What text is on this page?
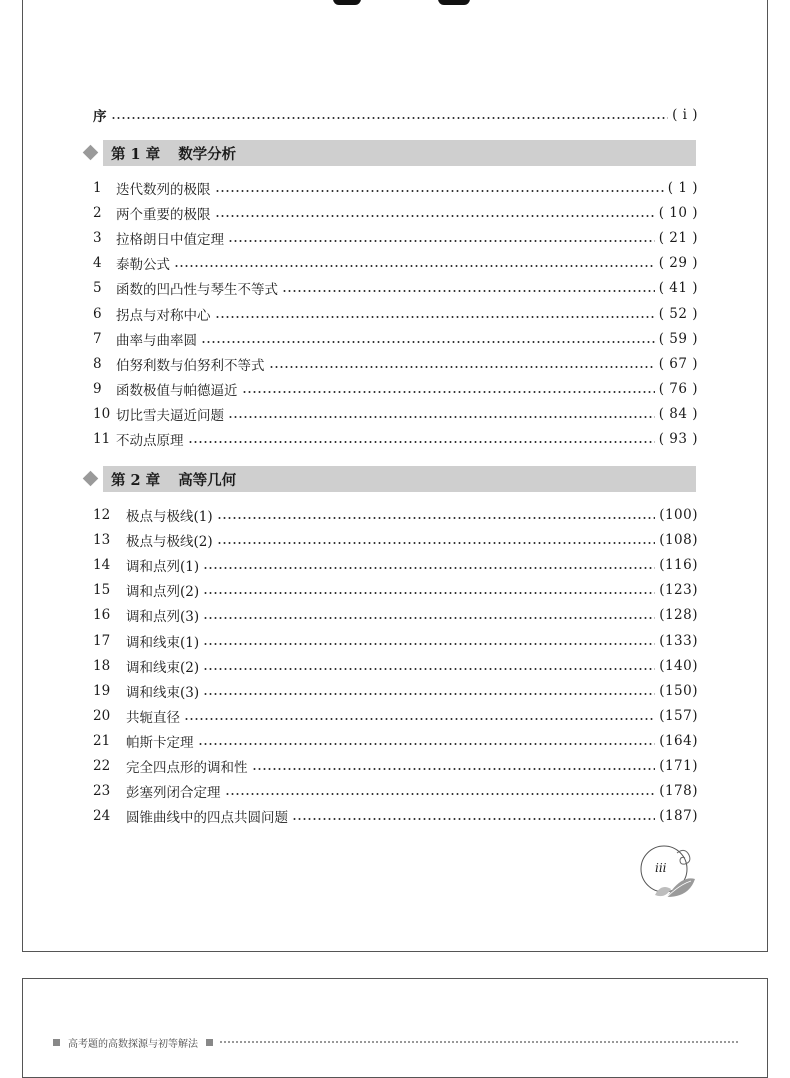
序	( ⅰ )
第 1 章 数学分析
1	迭代数列的极限	( 1 )
2	两个重要的极限	( 10 )
3	拉格朗日中值定理	( 21 )
4	泰勒公式	( 29 )
5	函数的凹凸性与琴生不等式	( 41 )
6	拐点与对称中心	( 52 )
7	曲率与曲率圆	( 59 )
8	伯努利数与伯努利不等式	( 67 )
9	函数极值与帕德逼近	( 76 )
10 切比雪夫逼近问题	( 84 )
11 不动点原理	( 93 )
第 2 章 高等几何
12	极点与极线(1)	(100)
13	极点与极线(2)	(108)
14	调和点列(1)	(116)
15	调和点列(2)	(123)
16	调和点列(3)	(128)
17	调和线束(1)	(133)
18	调和线束(2)	(140)
19	调和线束(3)	(150)
20	共轭直径	(157)
21	帕斯卡定理	(164)
22	完全四点形的调和性	(171)
23	彭塞列闭合定理	(178)
24	圆锥曲线中的四点共圆问题	(187)
iii
高考题的高数探源与初等解法
